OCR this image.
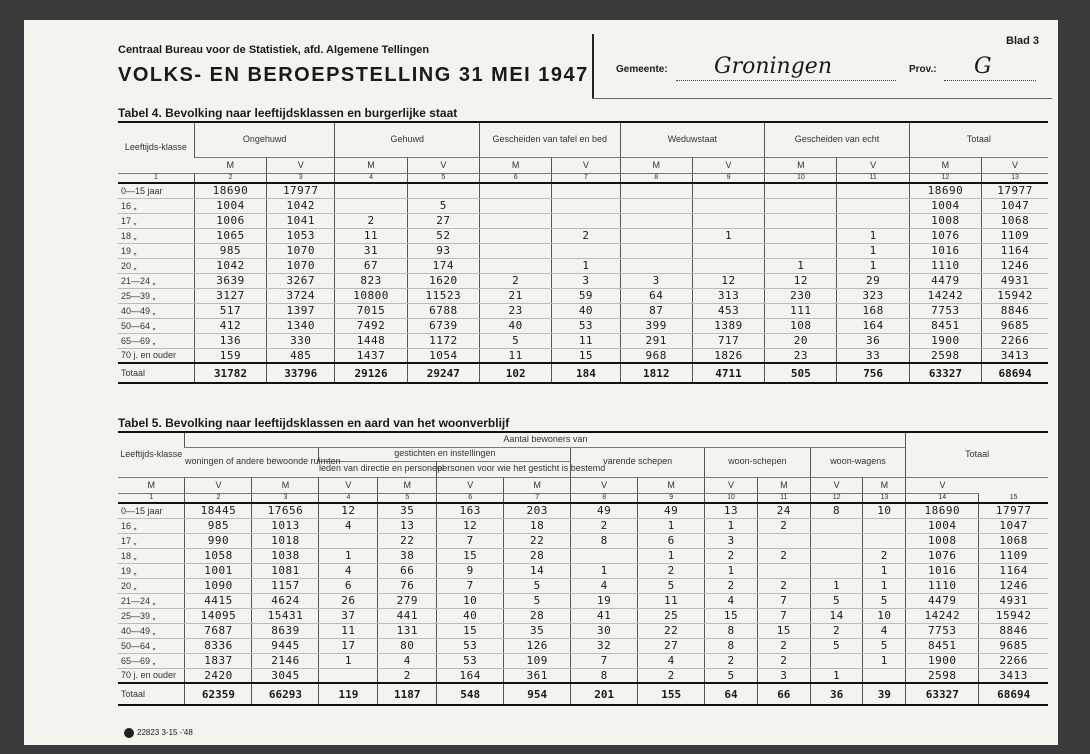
Centraal Bureau voor de Statistiek, afd. Algemene Tellingen
VOLKS- EN BEROEPSTELLING 31 MEI 1947	Gemeente: Groningen	Prov.: G
Blad 3
Tabel 4. Bevolking naar leeftijdsklassen en burgerlijke staat
Leeftijds-klasse	Ongehuwd		Gehuwd		Gescheiden van tafel en bed		Weduwstaat		Gescheiden van echt		Totaal	
	M	V	M	V	M	V	M	V	M	V	M	V
1	2	3	4	5	6	7	8	9	10	11	12	13
0—15 jaar	18690	17977									18690	17977
16 „	1004	1042		5							1004	1047
17 „	1006	1041	2	27							1008	1068
18 „	1065	1053	11	52		2		1		1	1076	1109
19 „	985	1070	31	93						1	1016	1164
20 „	1042	1070	67	174		1			1	1	1110	1246
21—24 „	3639	3267	823	1620	2	3	3	12	12	29	4479	4931
25—39 „	3127	3724	10800	11523	21	59	64	313	230	323	14242	15942
40—49 „	517	1397	7015	6788	23	40	87	453	111	168	7753	8846
50—64 „	412	1340	7492	6739	40	53	399	1389	108	164	8451	9685
65—69 „	136	330	1448	1172	5	11	291	717	20	36	1900	2266
70 j. en ouder	159	485	1437	1054	11	15	968	1826	23	33	2598	3413
Totaal	31782	33796	29126	29247	102	184	1812	4711	505	756	63327	68694
Tabel 5. Bevolking naar leeftijdsklassen en aard van het woonverblijf
Leeftijds-klasse	Aantal bewoners van												Totaal	
	woningen of andere bewoonde ruimten		gestichten en instellingen				varende schepen		woon-schepen		woon-wagens			
			leden van directie en personeel		personen voor wie het gesticht is bestemd									
M	V	M	V	M	V	M	V	M	V	M	V	M	V	
1	2	3	4	5	6	7	8	9	10	11	12	13	14	15
0—15 jaar	18445	17656	12	35	163	203	49	49	13	24	8	10	18690	17977
16 „	985	1013	4	13	12	18	2	1	1	2			1004	1047
17 „	990	1018		22	7	22	8	6	3				1008	1068
18 „	1058	1038	1	38	15	28		1	2	2		2	1076	1109
19 „	1001	1081	4	66	9	14	1	2	1			1	1016	1164
20 „	1090	1157	6	76	7	5	4	5	2	2	1	1	1110	1246
21—24 „	4415	4624	26	279	10	5	19	11	4	7	5	5	4479	4931
25—39 „	14095	15431	37	441	40	28	41	25	15	7	14	10	14242	15942
40—49 „	7687	8639	11	131	15	35	30	22	8	15	2	4	7753	8846
50—64 „	8336	9445	17	80	53	126	32	27	8	2	5	5	8451	9685
65—69 „	1837	2146	1	4	53	109	7	4	2	2		1	1900	2266
70 j. en ouder	2420	3045		2	164	361	8	2	5	3	1		2598	3413
Totaal	62359	66293	119	1187	548	954	201	155	64	66	36	39	63327	68694
22823 3-15 -'48
